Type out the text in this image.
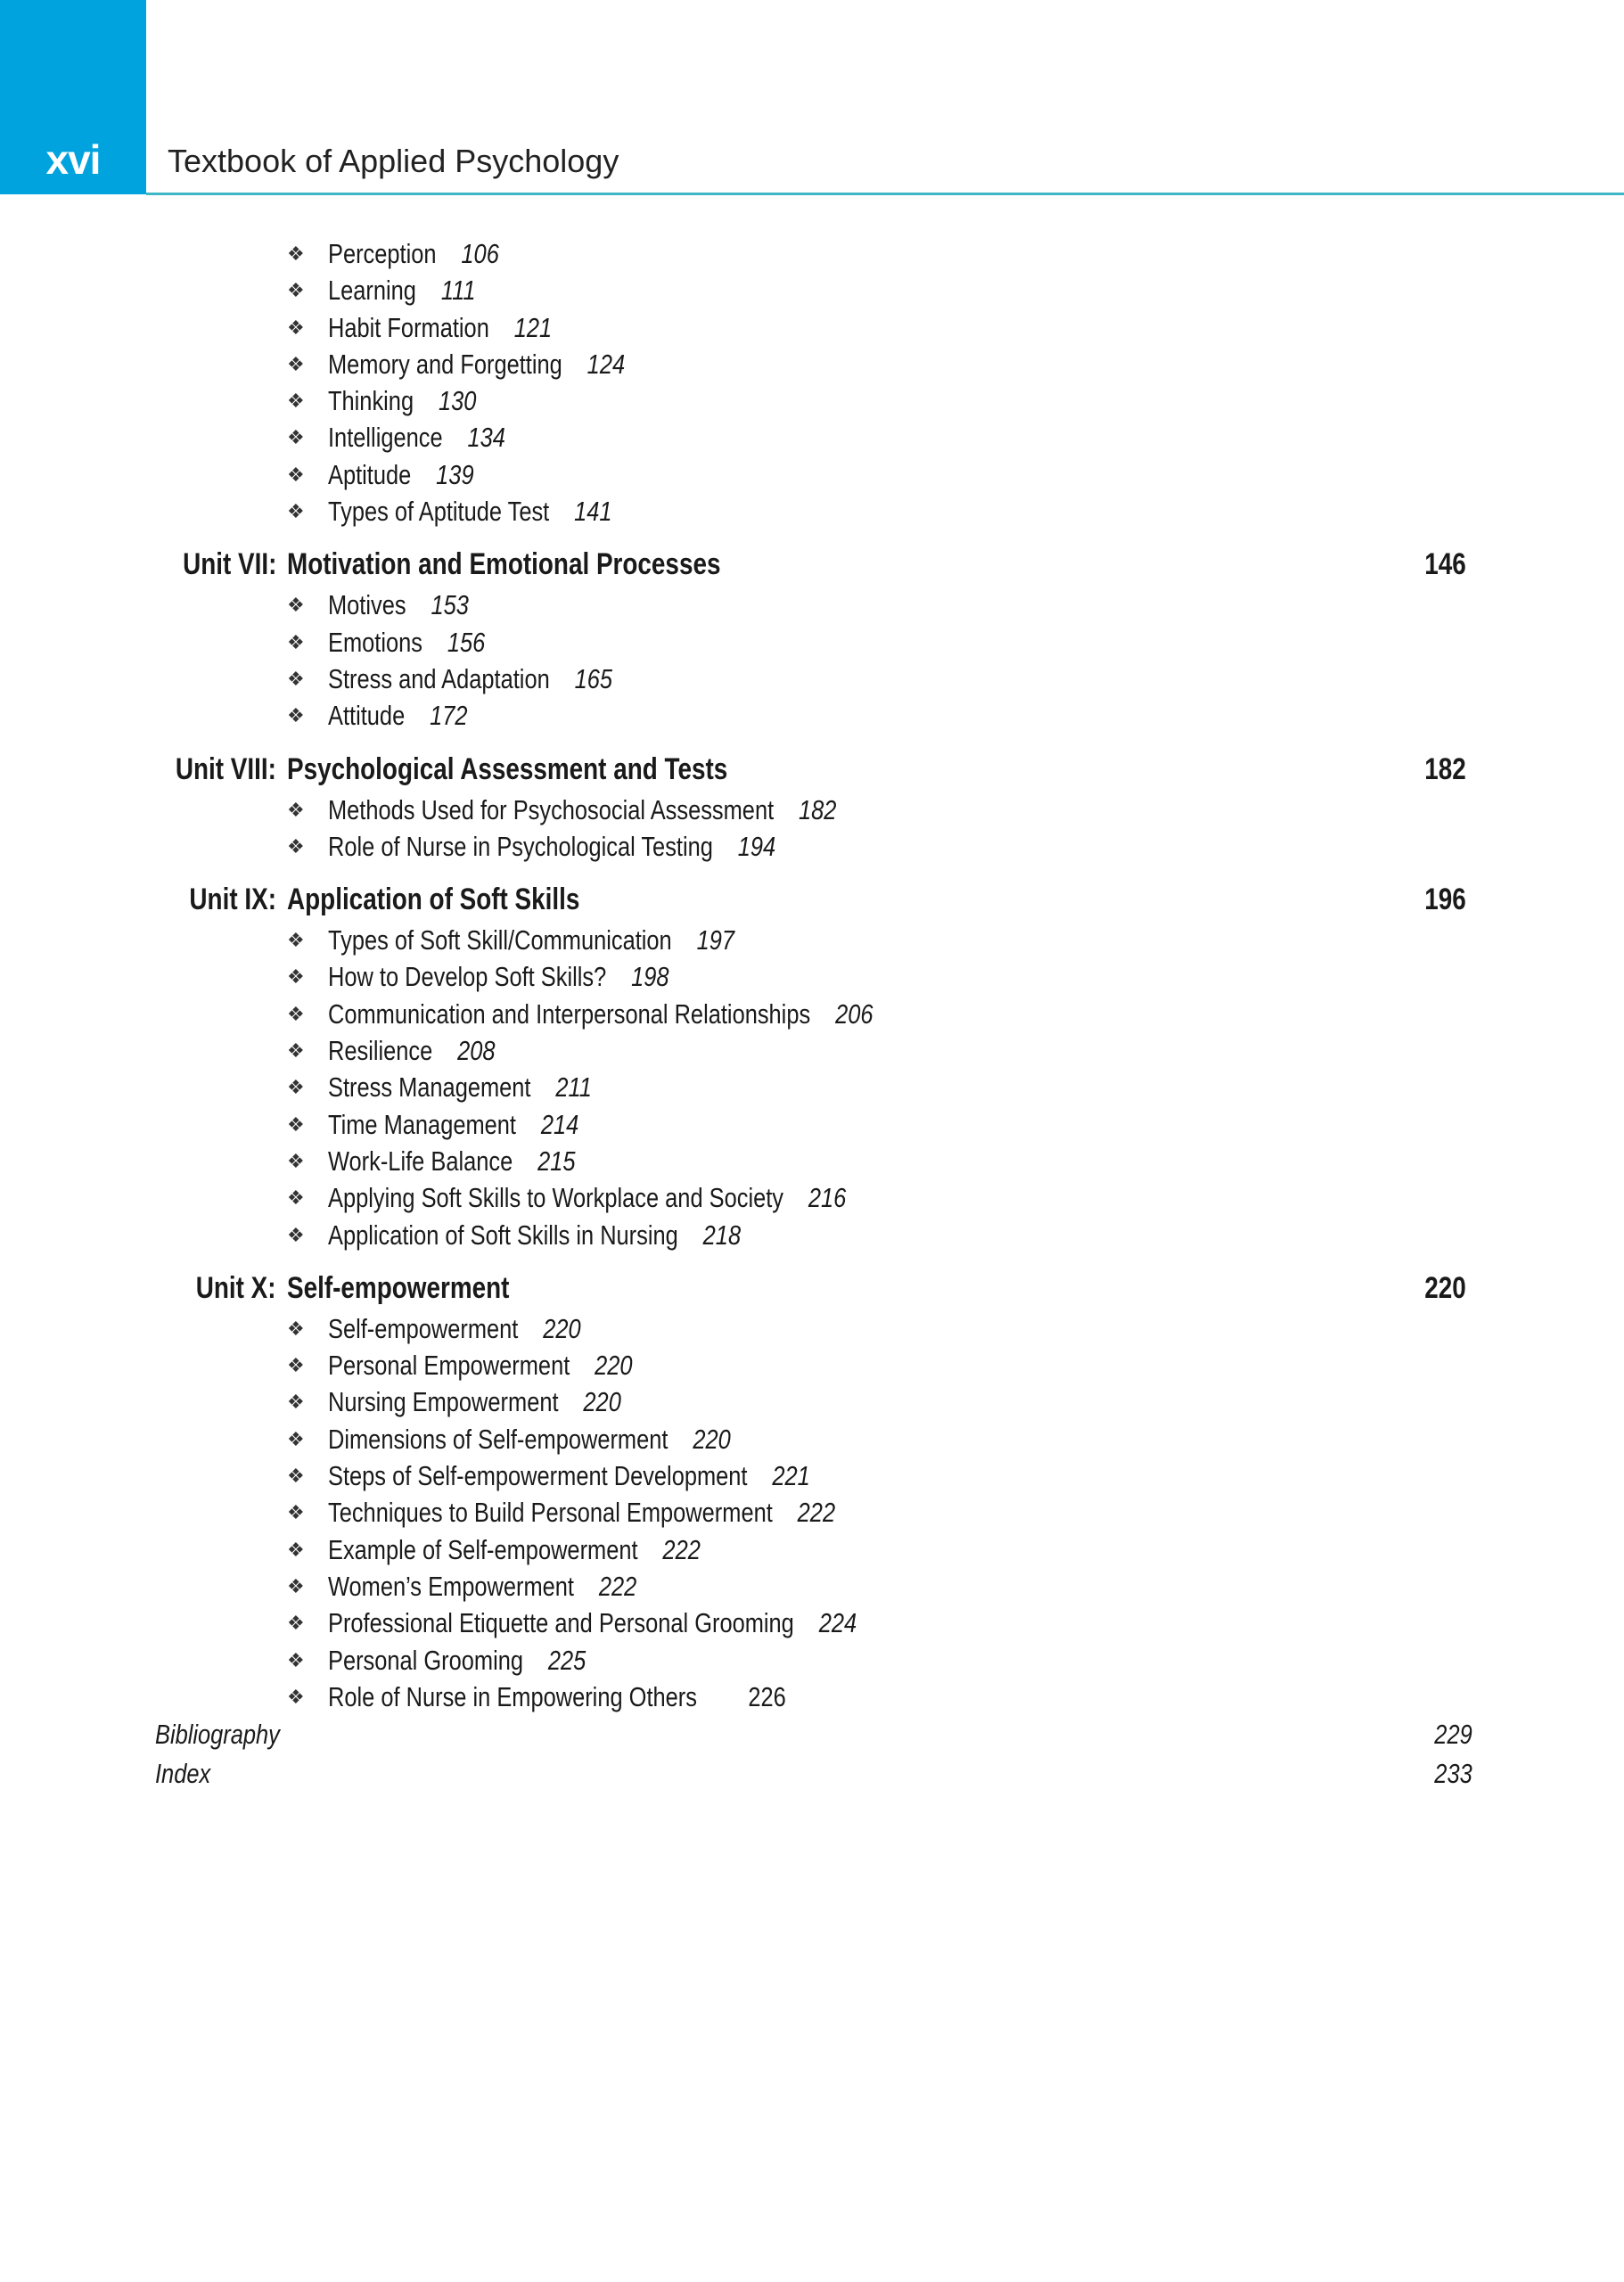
xvi	Textbook of Applied Psychology
❖ Perception 106
❖ Learning 111
❖ Habit Formation 121
❖ Memory and Forgetting 124
❖ Thinking 130
❖ Intelligence 134
❖ Aptitude 139
❖ Types of Aptitude Test 141
Unit VII: Motivation and Emotional Processes	146
❖ Motives 153
❖ Emotions 156
❖ Stress and Adaptation 165
❖ Attitude 172
Unit VIII: Psychological Assessment and Tests	182
❖ Methods Used for Psychosocial Assessment 182
❖ Role of Nurse in Psychological Testing 194
Unit IX: Application of Soft Skills	196
❖ Types of Soft Skill/Communication 197
❖ How to Develop Soft Skills? 198
❖ Communication and Interpersonal Relationships 206
❖ Resilience 208
❖ Stress Management 211
❖ Time Management 214
❖ Work-Life Balance 215
❖ Applying Soft Skills to Workplace and Society 216
❖ Application of Soft Skills in Nursing 218
Unit X: Self-empowerment	220
❖ Self-empowerment 220
❖ Personal Empowerment 220
❖ Nursing Empowerment 220
❖ Dimensions of Self-empowerment 220
❖ Steps of Self-empowerment Development 221
❖ Techniques to Build Personal Empowerment 222
❖ Example of Self-empowerment 222
❖ Women’s Empowerment 222
❖ Professional Etiquette and Personal Grooming 224
❖ Personal Grooming 225
❖ Role of Nurse in Empowering Others 226
Bibliography	229
Index	233
